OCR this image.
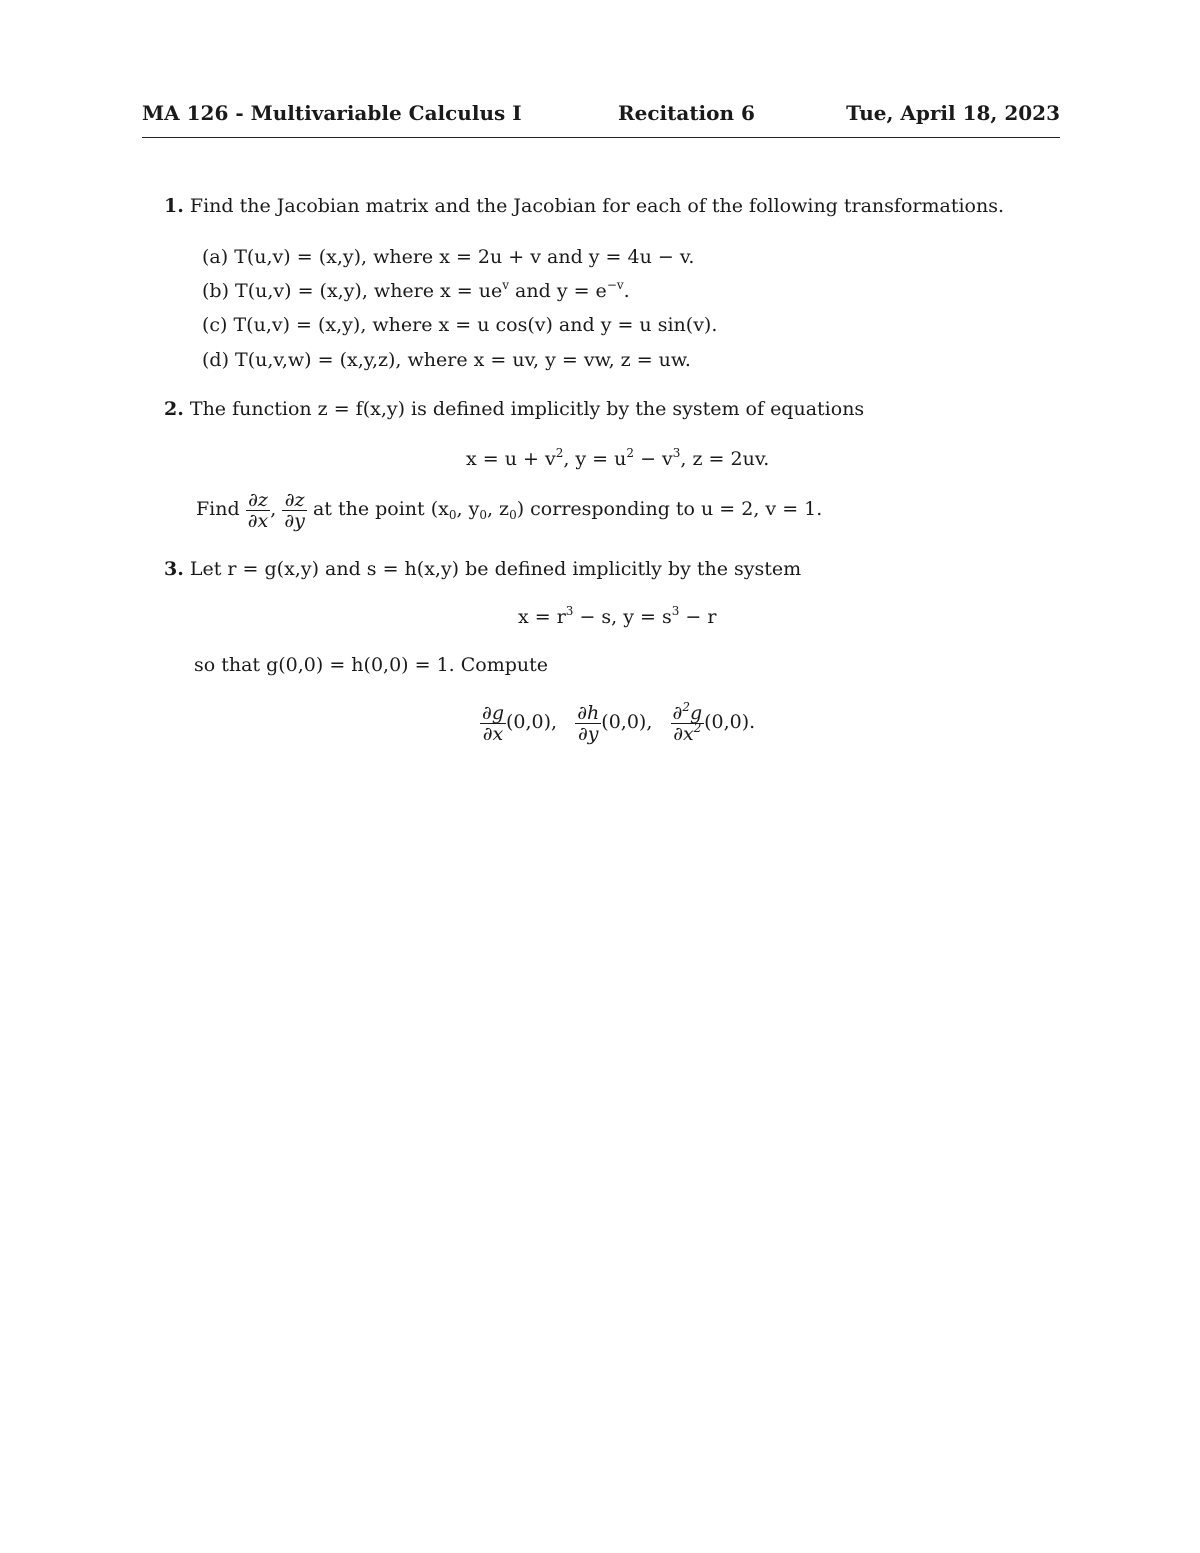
MA 126 - Multivariable Calculus I	Recitation 6	Tue, April 18, 2023
1. Find the Jacobian matrix and the Jacobian for each of the following transformations.
(a) T(u,v) = (x,y), where x = 2u + v and y = 4u − v.
(b) T(u,v) = (x,y), where $x = ue^v$ and $y = e^{-v}$.
(c) T(u,v) = (x,y), where x = u cos(v) and y = u sin(v).
(d) T(u,v,w) = (x,y,z), where x = uv, y = vw, z = uw.
2. The function z = f(x,y) is defined implicitly by the system of equations
$x = u + v^2$, $y = u^2 - v^3$, z = 2uv.
Find $\frac{\partial z}{\partial x}$ , $\frac{\partial z}{\partial y}$ at the point ($x_0$, $y_0$, $z_0$) corresponding to u = 2, v = 1.
3. Let r = g(x,y) and s = h(x,y) be defined implicitly by the system
$x = r^3 - s$, $y = s^3 - r$
so that g(0,0) = h(0,0) = 1. Compute
$\frac{\partial g}{\partial x} (0,0)$, $\frac{\partial h}{\partial y} (0,0)$, $\frac{\partial^2g}{\partial x^2} (0,0)$.
